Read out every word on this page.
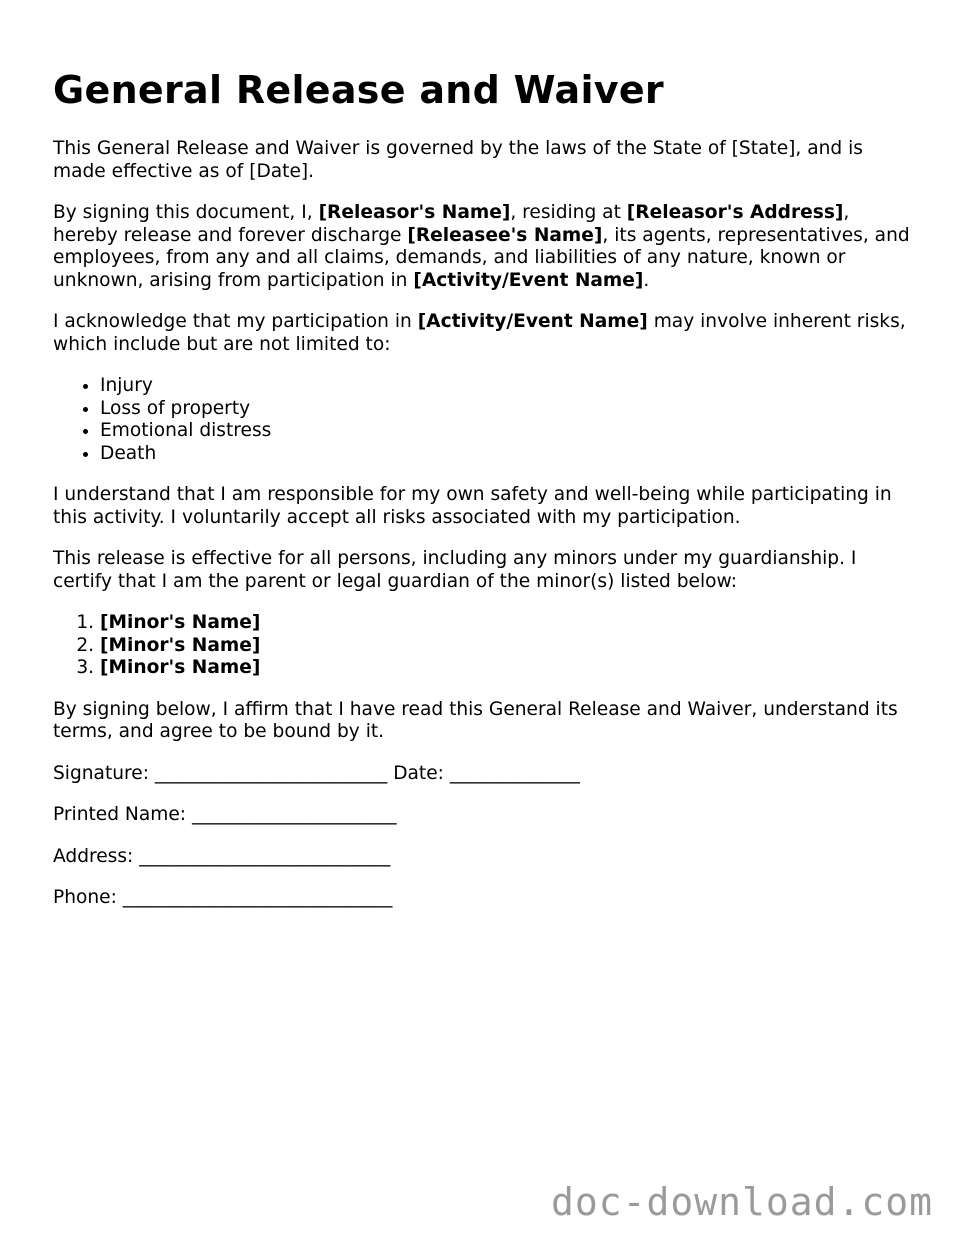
General Release and Waiver

This General Release and Waiver is governed by the laws of the State of [State], and is made effective as of [Date].

By signing this document, I, [Releasor's Name], residing at [Releasor's Address], hereby release and forever discharge [Releasee's Name], its agents, representatives, and employees, from any and all claims, demands, and liabilities of any nature, known or unknown, arising from participation in [Activity/Event Name].

I acknowledge that my participation in [Activity/Event Name] may involve inherent risks, which include but are not limited to:

• Injury
• Loss of property
• Emotional distress
• Death

I understand that I am responsible for my own safety and well-being while participating in this activity. I voluntarily accept all risks associated with my participation.

This release is effective for all persons, including any minors under my guardianship. I certify that I am the parent or legal guardian of the minor(s) listed below:

1. [Minor's Name]
2. [Minor's Name]
3. [Minor's Name]

By signing below, I affirm that I have read this General Release and Waiver, understand its terms, and agree to be bound by it.

Signature: _________________________ Date: ______________
Printed Name: ______________________
Address: ___________________________
Phone: _____________________________
doc-download.com
